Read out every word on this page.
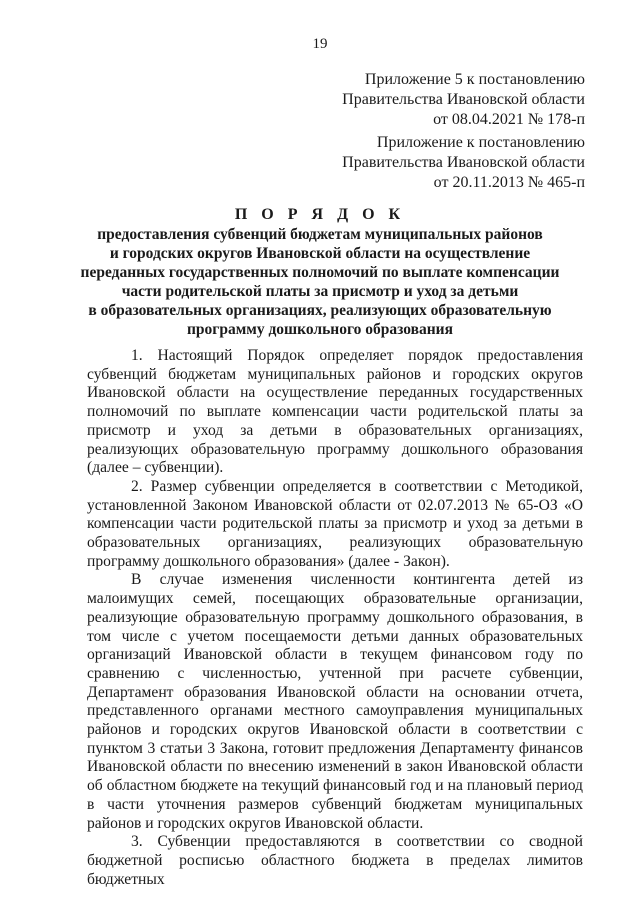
19
Приложение 5 к постановлению
Правительства Ивановской области
от 08.04.2021 № 178-п
Приложение к постановлению
Правительства Ивановской области
от 20.11.2013 № 465-п
П О Р Я Д О К
предоставления субвенций бюджетам муниципальных районов
и городских округов Ивановской области на осуществление
переданных государственных полномочий по выплате компенсации
части родительской платы за присмотр и уход за детьми
в образовательных организациях, реализующих образовательную
программу дошкольного образования

1. Настоящий Порядок определяет порядок предоставления субвенций бюджетам муниципальных районов и городских округов Ивановской области на осуществление переданных государственных полномочий по выплате компенсации части родительской платы за присмотр и уход за детьми в образовательных организациях, реализующих образовательную программу дошкольного образования (далее – субвенции).

2. Размер субвенции определяется в соответствии с Методикой, установленной Законом Ивановской области от 02.07.2013 № 65-ОЗ «О компенсации части родительской платы за присмотр и уход за детьми в образовательных организациях, реализующих образовательную программу дошкольного образования» (далее - Закон).

В случае изменения численности контингента детей из малоимущих семей, посещающих образовательные организации, реализующие образовательную программу дошкольного образования, в том числе с учетом посещаемости детьми данных образовательных организаций Ивановской области в текущем финансовом году по сравнению с численностью, учтенной при расчете субвенции, Департамент образования Ивановской области на основании отчета, представленного органами местного самоуправления муниципальных районов и городских округов Ивановской области в соответствии с пунктом 3 статьи 3 Закона, готовит предложения Департаменту финансов Ивановской области по внесению изменений в закон Ивановской области об областном бюджете на текущий финансовый год и на плановый период в части уточнения размеров субвенций бюджетам муниципальных районов и городских округов Ивановской области.

3. Субвенции предоставляются в соответствии со сводной бюджетной росписью областного бюджета в пределах лимитов бюджетных
